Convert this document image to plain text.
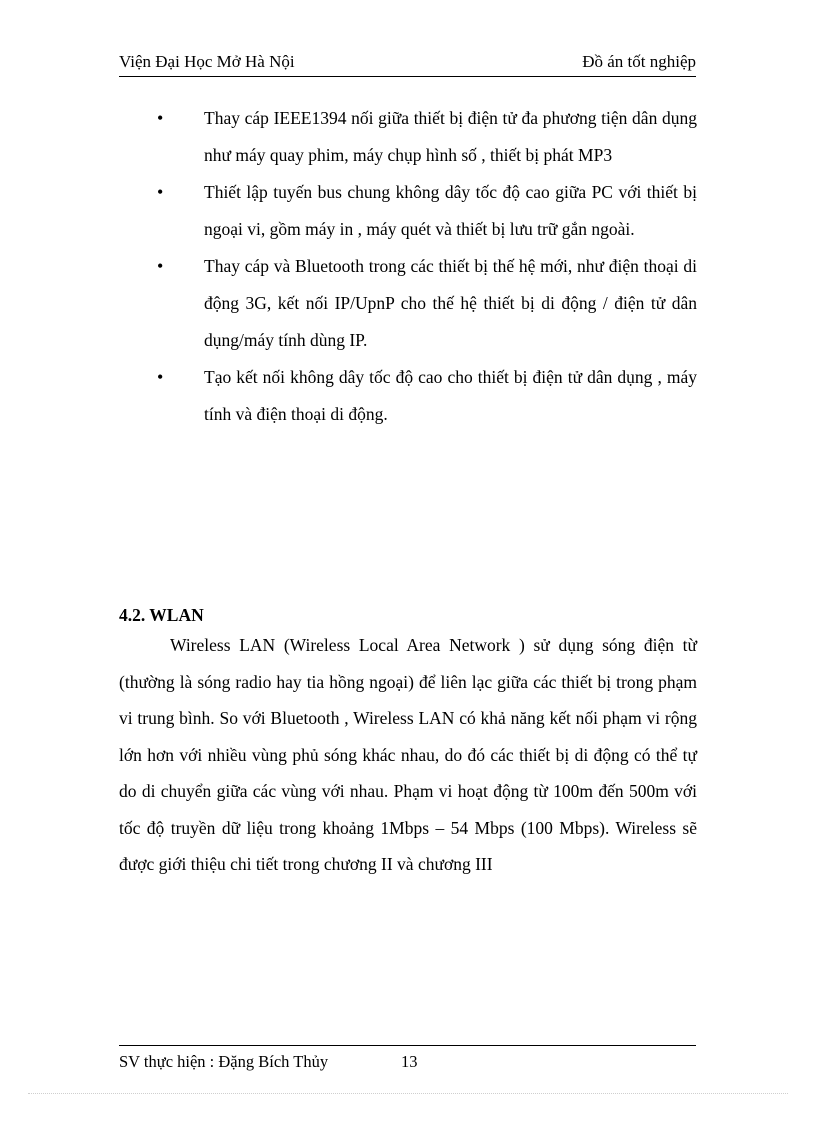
Viện Đại Học Mở Hà Nội	Đồ án tốt nghiệp
• Thay cáp IEEE1394 nối giữa thiết bị điện tử đa phương tiện dân dụng như máy quay phim, máy chụp hình số , thiết bị phát MP3
• Thiết lập tuyến bus chung không dây tốc độ cao giữa PC với thiết bị ngoại vi, gồm máy in , máy quét và thiết bị lưu trữ gắn ngoài.
• Thay cáp và Bluetooth trong các thiết bị thế hệ mới, như điện thoại di động 3G, kết nối IP/UpnP cho thế hệ thiết bị di động / điện tử dân dụng/máy tính dùng IP.
• Tạo kết nối không dây tốc độ cao cho thiết bị điện tử dân dụng , máy tính và điện thoại di động.
4.2. WLAN

Wireless LAN (Wireless Local Area Network ) sử dụng sóng điện từ (thường là sóng radio hay tia hồng ngoại) để liên lạc giữa các thiết bị trong phạm vi trung bình. So với Bluetooth , Wireless LAN có khả năng kết nối phạm vi rộng lớn hơn với nhiều vùng phủ sóng khác nhau, do đó các thiết bị di động có thể tự do di chuyển giữa các vùng với nhau. Phạm vi hoạt động từ 100m đến 500m với tốc độ truyền dữ liệu trong khoảng 1Mbps – 54 Mbps (100 Mbps). Wireless sẽ được giới thiệu chi tiết trong chương II và chương III

SV thực hiện : Đặng Bích Thủy	13
